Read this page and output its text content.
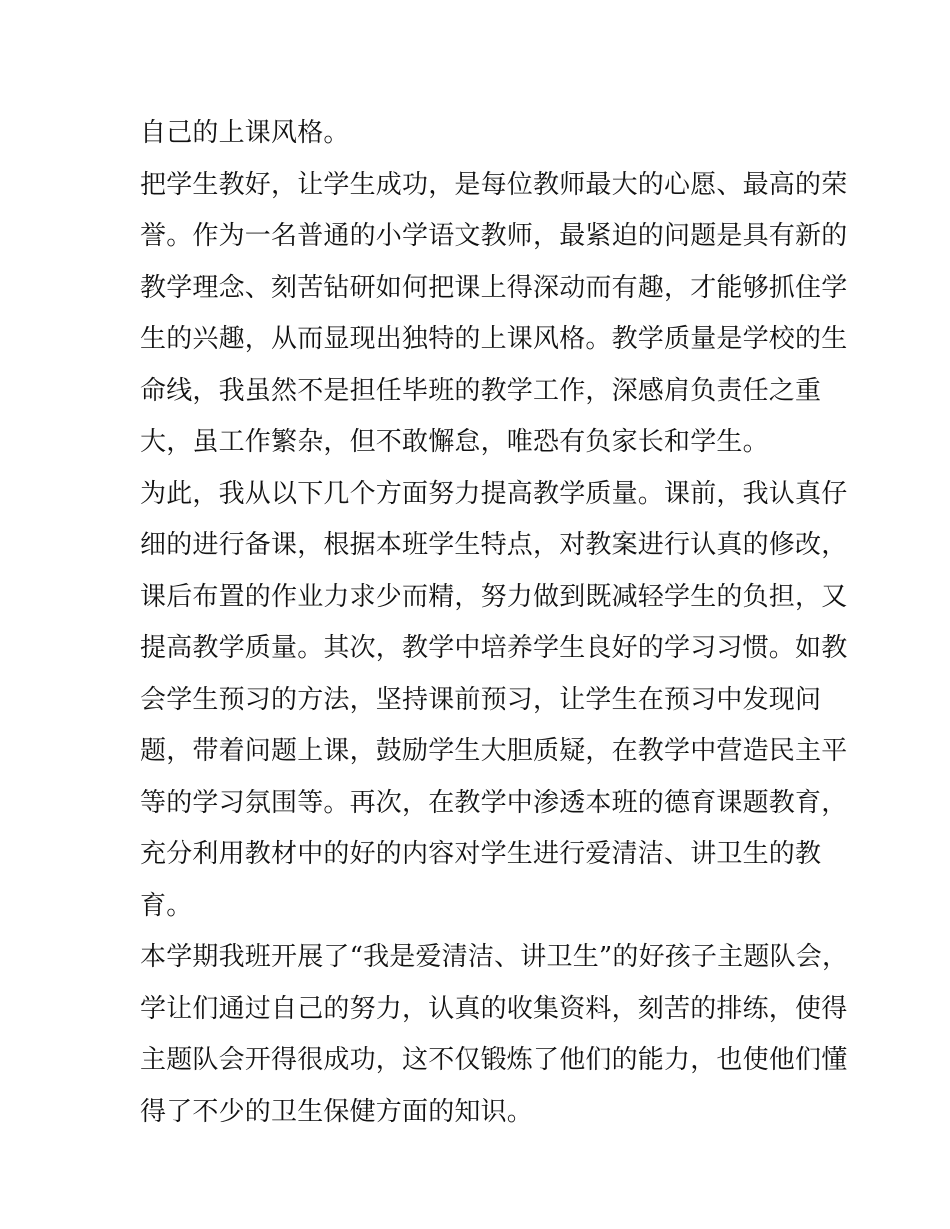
自己的上课风格。
把学生教好，让学生成功，是每位教师最大的心愿、最高的荣
誉。作为一名普通的小学语文教师，最紧迫的问题是具有新的
教学理念、刻苦钻研如何把课上得深动而有趣，才能够抓住学
生的兴趣，从而显现出独特的上课风格。教学质量是学校的生
命线，我虽然不是担任毕班的教学工作，深感肩负责任之重
大，虽工作繁杂，但不敢懈怠，唯恐有负家长和学生。
为此，我从以下几个方面努力提高教学质量。课前，我认真仔
细的进行备课，根据本班学生特点，对教案进行认真的修改，
课后布置的作业力求少而精，努力做到既减轻学生的负担，又
提高教学质量。其次，教学中培养学生良好的学习习惯。如教
会学生预习的方法，坚持课前预习，让学生在预习中发现问
题，带着问题上课，鼓励学生大胆质疑，在教学中营造民主平
等的学习氛围等。再次，在教学中渗透本班的德育课题教育，
充分利用教材中的好的内容对学生进行爱清洁、讲卫生的教
育。
本学期我班开展了“我是爱清洁、讲卫生”的好孩子主题队会，
学让们通过自己的努力，认真的收集资料，刻苦的排练，使得
主题队会开得很成功，这不仅锻炼了他们的能力，也使他们懂
得了不少的卫生保健方面的知识。
